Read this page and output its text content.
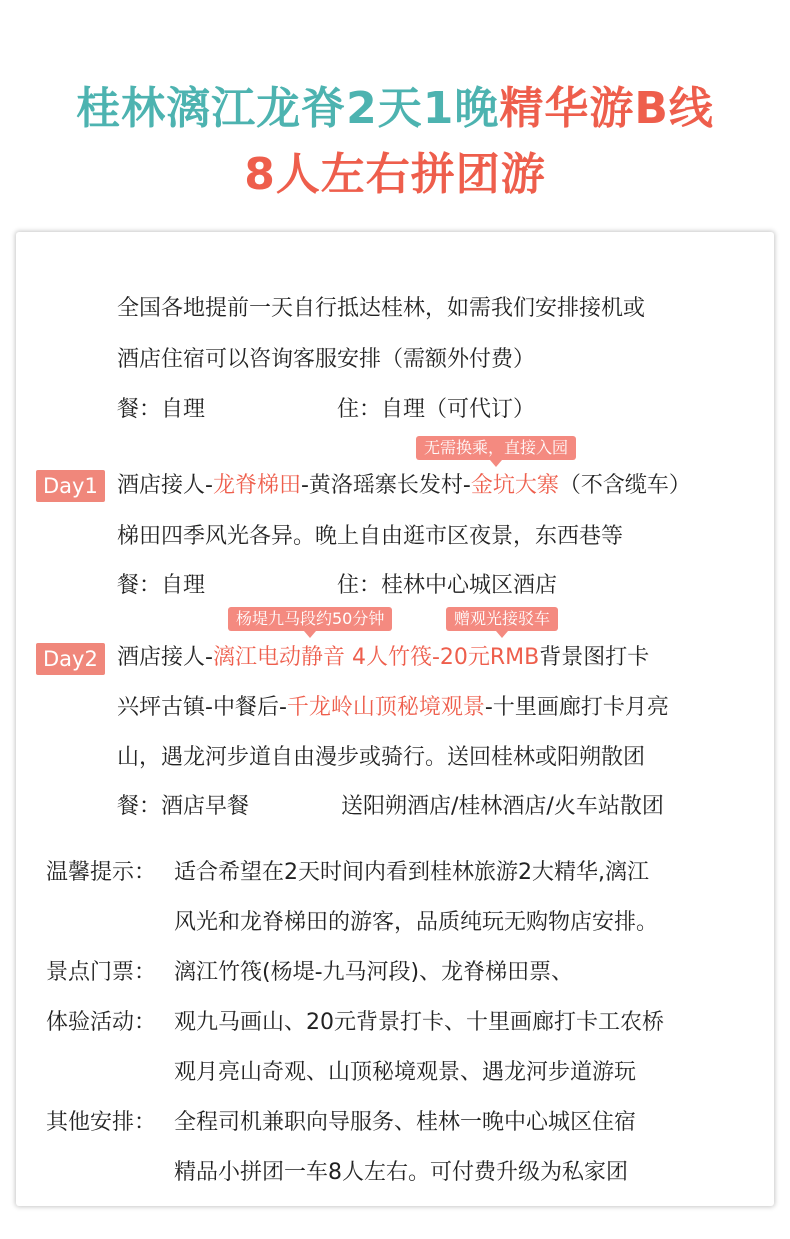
桂林漓江龙脊2天1晚精华游B线
8人左右拼团游
全国各地提前一天自行抵达桂林，如需我们安排接机或
酒店住宿可以咨询客服安排（需额外付费）
餐：自理	住：自理（可代订）
无需换乘，直接入园
Day1 酒店接人-龙脊梯田-黄洛瑶寨长发村-金坑大寨（不含缆车）
梯田四季风光各异。晚上自由逛市区夜景，东西巷等
餐：自理	住：桂林中心城区酒店
杨堤九马段约50分钟	赠观光接驳车
Day2 酒店接人-漓江电动静音 4人竹筏-20元RMB背景图打卡
兴坪古镇-中餐后-千龙岭山顶秘境观景-十里画廊打卡月亮
山，遇龙河步道自由漫步或骑行。送回桂林或阳朔散团
餐：酒店早餐	送阳朔酒店/桂林酒店/火车站散团
温馨提示： 适合希望在2天时间内看到桂林旅游2大精华,漓江
风光和龙脊梯田的游客，品质纯玩无购物店安排。
景点门票： 漓江竹筏(杨堤-九马河段)、龙脊梯田票、
体验活动： 观九马画山、20元背景打卡、十里画廊打卡工农桥
观月亮山奇观、山顶秘境观景、遇龙河步道游玩
其他安排： 全程司机兼职向导服务、桂林一晚中心城区住宿
精品小拼团一车8人左右。可付费升级为私家团
